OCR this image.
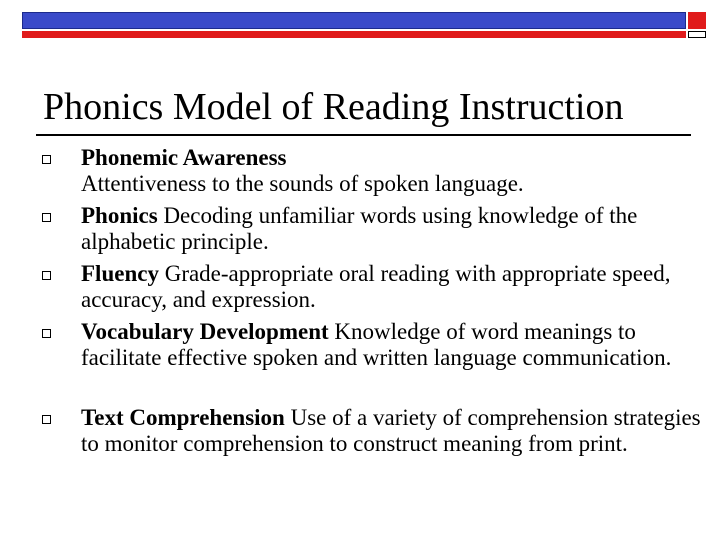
Phonics Model of Reading Instruction
Phonemic Awareness
Attentiveness to the sounds of spoken language.
Phonics Decoding unfamiliar words using knowledge of the alphabetic principle.
Fluency Grade-appropriate oral reading with appropriate speed, accuracy, and expression.
Vocabulary Development Knowledge of word meanings to facilitate effective spoken and written language communication.
Text Comprehension Use of a variety of comprehension strategies to monitor comprehension to construct meaning from print.
